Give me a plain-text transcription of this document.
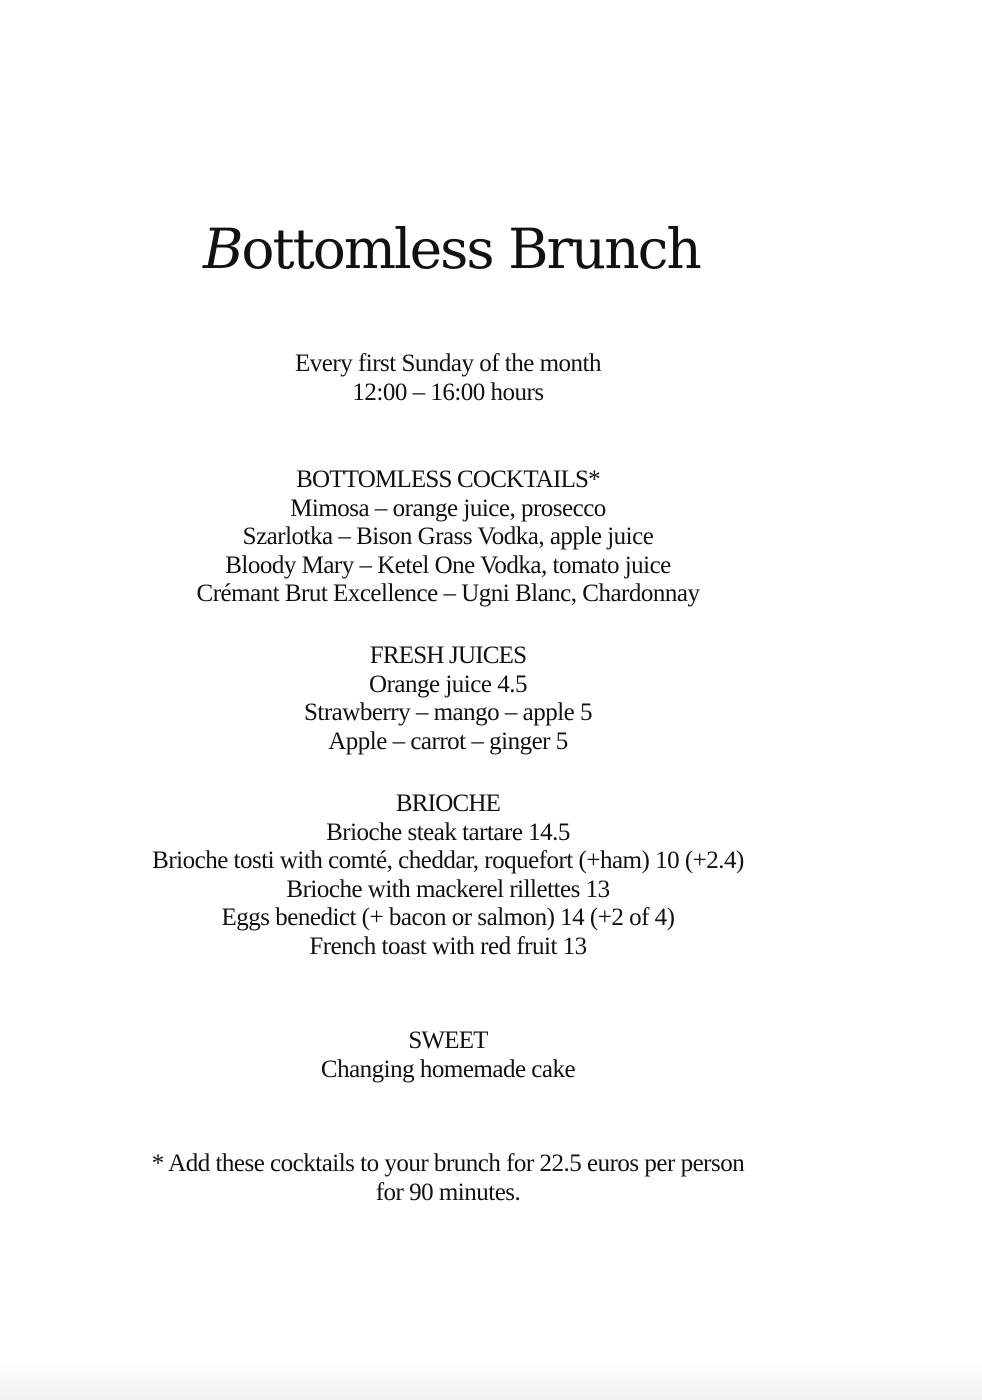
Bottomless Brunch
Every first Sunday of the month
12:00 – 16:00 hours
BOTTOMLESS COCKTAILS*
Mimosa – orange juice, prosecco
Szarlotka – Bison Grass Vodka, apple juice
Bloody Mary – Ketel One Vodka, tomato juice
Crémant Brut Excellence – Ugni Blanc, Chardonnay
FRESH JUICES
Orange juice 4.5
Strawberry – mango – apple 5
Apple – carrot – ginger 5
BRIOCHE
Brioche steak tartare 14.5
Brioche tosti with comté, cheddar, roquefort (+ham) 10 (+2.4)
Brioche with mackerel rillettes 13
Eggs benedict (+ bacon or salmon) 14 (+2 of 4)
French toast with red fruit 13
SWEET
Changing homemade cake
* Add these cocktails to your brunch for 22.5 euros per person for 90 minutes.
